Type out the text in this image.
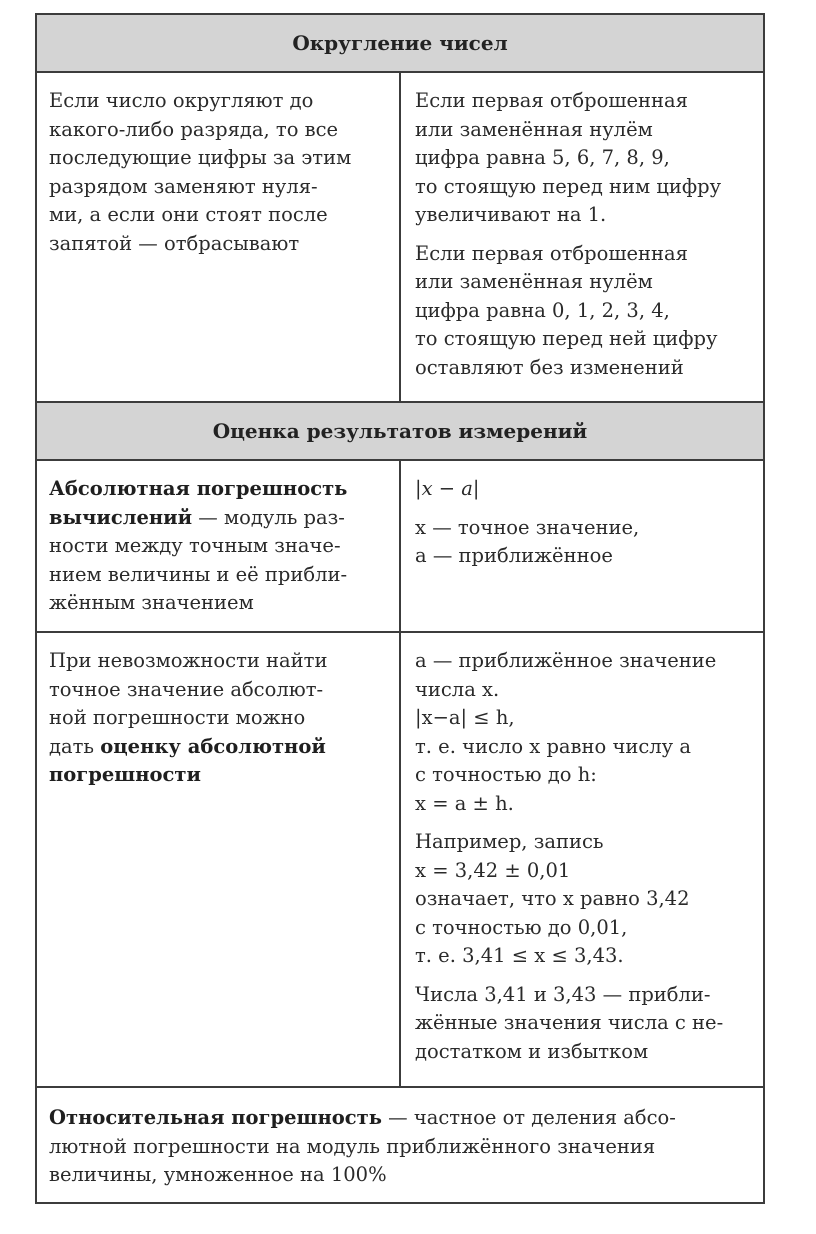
Округление чисел

Если число округляют до
какого-либо разряда, то все
последующие цифры за этим
разрядом заменяют нуля-
ми, а если они стоят после
запятой — отбрасывают

Если первая отброшенная
или заменённая нулём
цифра равна 5, 6, 7, 8, 9,
то стоящую перед ним цифру
увеличивают на 1.

Если первая отброшенная
или заменённая нулём
цифра равна 0, 1, 2, 3, 4,
то стоящую перед ней цифру
оставляют без изменений

Оценка результатов измерений

Абсолютная погрешность
вычислений — модуль раз-
ности между точным значе-
нием величины и её прибли-
жённым значением

|x − a|

x — точное значение,
a — приближённое

При невозможности найти
точное значение абсолют-
ной погрешности можно
дать оценку абсолютной
погрешности

a — приближённое значение
числа x.
|x−a| ≤ h,
т. е. число x равно числу a
с точностью до h:
x = a ± h.

Например, запись
x = 3,42 ± 0,01
означает, что x равно 3,42
с точностью до 0,01,
т. е. 3,41 ≤ x ≤ 3,43.

Числа 3,41 и 3,43 — прибли-
жённые значения числа с не-
достатком и избытком

Относительная погрешность — частное от деления абсо-
лютной погрешности на модуль приближённого значения
величины, умноженное на 100%
